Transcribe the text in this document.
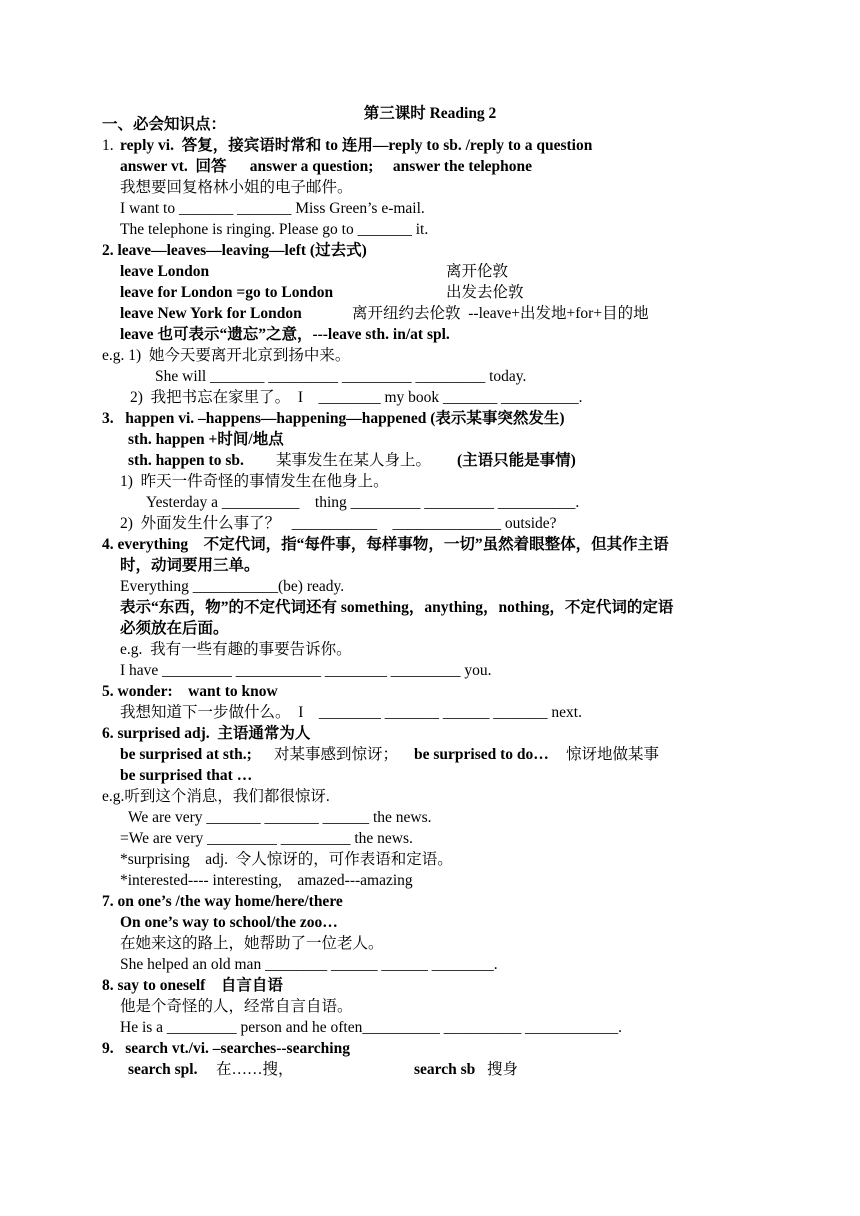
第三课时 Reading 2
一、必会知识点：
1. reply vi.  答复，接宾语时常和 to 连用—reply to sb. /reply to a question
answer vt.  回答      answer a question;     answer the telephone
我想要回复格林小姐的电子邮件。
I want to _______ _______ Miss Green’s e-mail.
The telephone is ringing. Please go to _______ it.
2. leave—leaves—leaving—left (过去式)
leave London	离开伦敦
leave for London =go to London	出发去伦敦
leave New York for London	离开纽约去伦敦  --leave+出发地+for+目的地
leave 也可表示“遗忘”之意，---leave sth. in/at spl.
e.g. 1)  她今天要离开北京到扬中来。
She will _______ _________ _________ _________ today.
2)  我把书忘在家里了。  I    ________ my book _______ __________.
3.   happen vi. –happens—happening—happened (表示某事突然发生)
sth. happen +时间/地点
sth. happen to sb. 某事发生在某人身上。 (主语只能是事情)
1)  昨天一件奇怪的事情发生在他身上。
Yesterday a __________    thing _________ _________ __________.
2)  外面发生什么事了？   ___________    ______________ outside?
4. everything    不定代词，指“每件事，每样事物，一切”虽然着眼整体，但其作主语
时，动词要用三单。
Everything ___________(be) ready.
表示“东西，物”的不定代词还有 something，anything，nothing，不定代词的定语
必须放在后面。
e.g.  我有一些有趣的事要告诉你。
I have _________ ___________ ________ _________ you.
5. wonder:    want to know
我想知道下一步做什么。  I    ________ _______ ______ _______ next.
6. surprised adj.  主语通常为人
be surprised at sth.; 对某事感到惊讶； be surprised to do… 惊讶地做某事
be surprised that …
e.g.听到这个消息，我们都很惊讶.
We are very _______ _______ ______ the news.
=We are very _________ _________ the news.
*surprising    adj.  令人惊讶的，可作表语和定语。
*interested---- interesting,    amazed---amazing
7. on one’s /the way home/here/there
On one’s way to school/the zoo…
在她来这的路上，她帮助了一位老人。
She helped an old man ________ ______ ______ ________.
8. say to oneself    自言自语
他是个奇怪的人，经常自言自语。
He is a _________ person and he often__________ __________ ____________.
9.   search vt./vi. –searches--searching
search spl. 在……搜，	search sb 搜身
